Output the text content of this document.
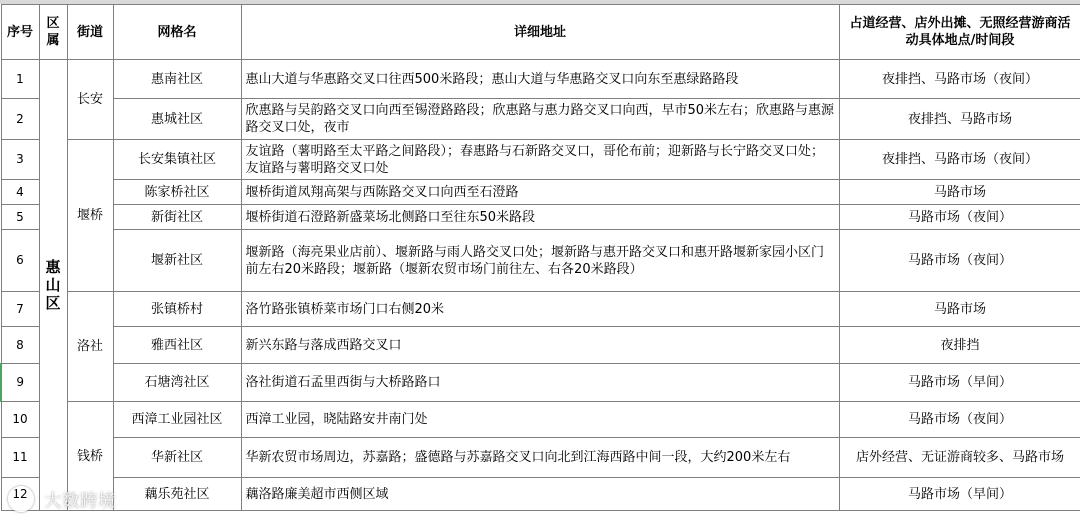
序号	区属	街道	网格名	详细地址	占道经营、店外出摊、无照经营游商活动具体地点/时间段
1	惠山区	长安	惠南社区	惠山大道与华惠路交叉口往西500米路段；惠山大道与华惠路交叉口向东至惠绿路路段	夜排挡、马路市场（夜间）
2			惠城社区	欣惠路与吴韵路交叉口向西至锡澄路路段；欣惠路与惠力路交叉口向西，早市50米左右；欣惠路与惠源路交叉口处，夜市	夜排挡、马路市场
3		堰桥	长安集镇社区	友谊路（薯明路至太平路之间路段）；春惠路与石新路交叉口，哥伦布前；迎新路与长宁路交叉口处；友谊路与薯明路交叉口处	夜排挡、马路市场（夜间）
4			陈家桥社区	堰桥街道凤翔高架与西陈路交叉口向西至石澄路	马路市场
5			新街社区	堰桥街道石澄路新盛菜场北侧路口至往东50米路段	马路市场（夜间）
6			堰新社区	堰新路（海亮果业店前）、堰新路与雨人路交叉口处；堰新路与惠开路交叉口和惠开路堰新家园小区门前左右20米路段；堰新路（堰新农贸市场门前往左、右各20米路段）	马路市场（夜间）
7		洛社	张镇桥村	洛竹路张镇桥菜市场门口右侧20米	马路市场
8			雅西社区	新兴东路与落成西路交叉口	夜排挡
9			石塘湾社区	洛社街道石孟里西街与大桥路路口	马路市场（早间）
10		钱桥	西漳工业园社区	西漳工业园，晓陆路安井南门处	马路市场（夜间）
11			华新社区	华新农贸市场周边，苏嘉路；盛德路与苏嘉路交叉口向北到江海西路中间一段，大约200米左右	店外经营、无证游商较多、马路市场
12			藕乐苑社区	藕洛路廉美超市西侧区域	马路市场（早间）
大数跨境
